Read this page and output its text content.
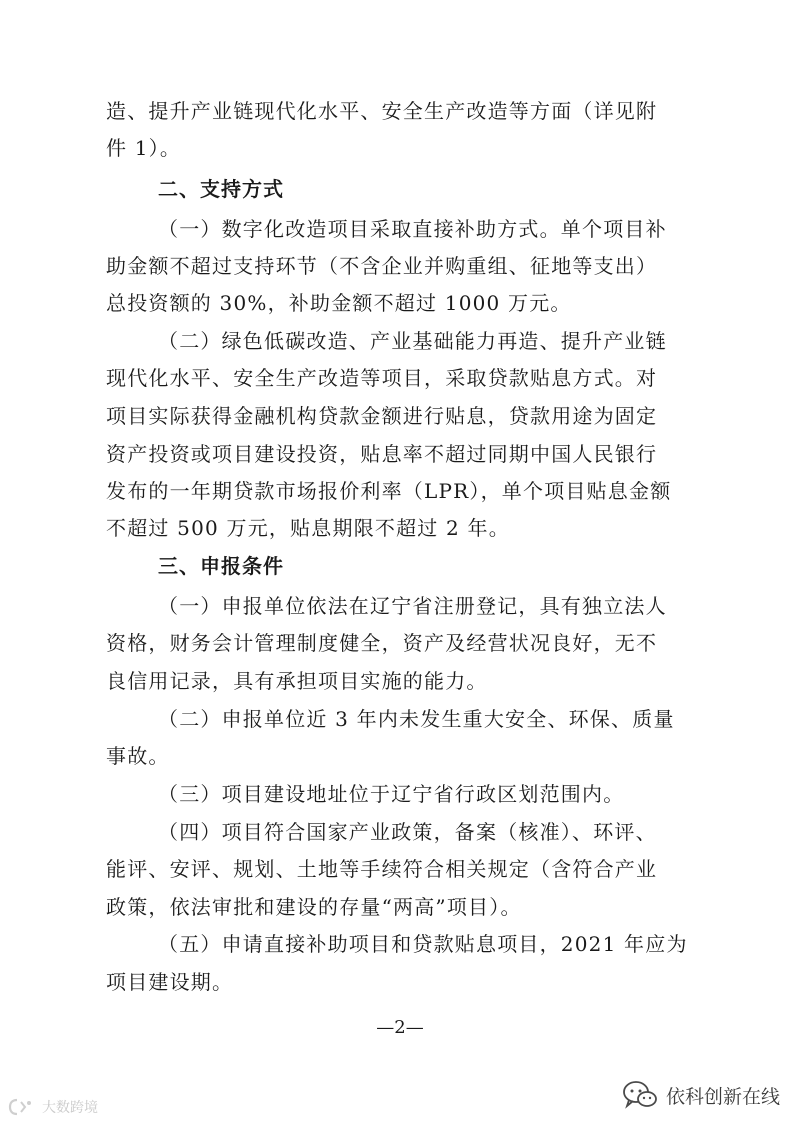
造、提升产业链现代化水平、安全生产改造等方面（详见附
件 1）。
二、支持方式
（一）数字化改造项目采取直接补助方式。单个项目补
助金额不超过支持环节（不含企业并购重组、征地等支出）
总投资额的 30%，补助金额不超过 1000 万元。
（二）绿色低碳改造、产业基础能力再造、提升产业链
现代化水平、安全生产改造等项目，采取贷款贴息方式。对
项目实际获得金融机构贷款金额进行贴息，贷款用途为固定
资产投资或项目建设投资，贴息率不超过同期中国人民银行
发布的一年期贷款市场报价利率（LPR），单个项目贴息金额
不超过 500 万元，贴息期限不超过 2 年。
三、申报条件
（一）申报单位依法在辽宁省注册登记，具有独立法人
资格，财务会计管理制度健全，资产及经营状况良好，无不
良信用记录，具有承担项目实施的能力。
（二）申报单位近 3 年内未发生重大安全、环保、质量
事故。
（三）项目建设地址位于辽宁省行政区划范围内。
（四）项目符合国家产业政策，备案（核准）、环评、
能评、安评、规划、土地等手续符合相关规定（含符合产业
政策，依法审批和建设的存量“两高”项目）。
（五）申请直接补助项目和贷款贴息项目，2021 年应为
项目建设期。
—2—
大数跨境
依科创新在线
